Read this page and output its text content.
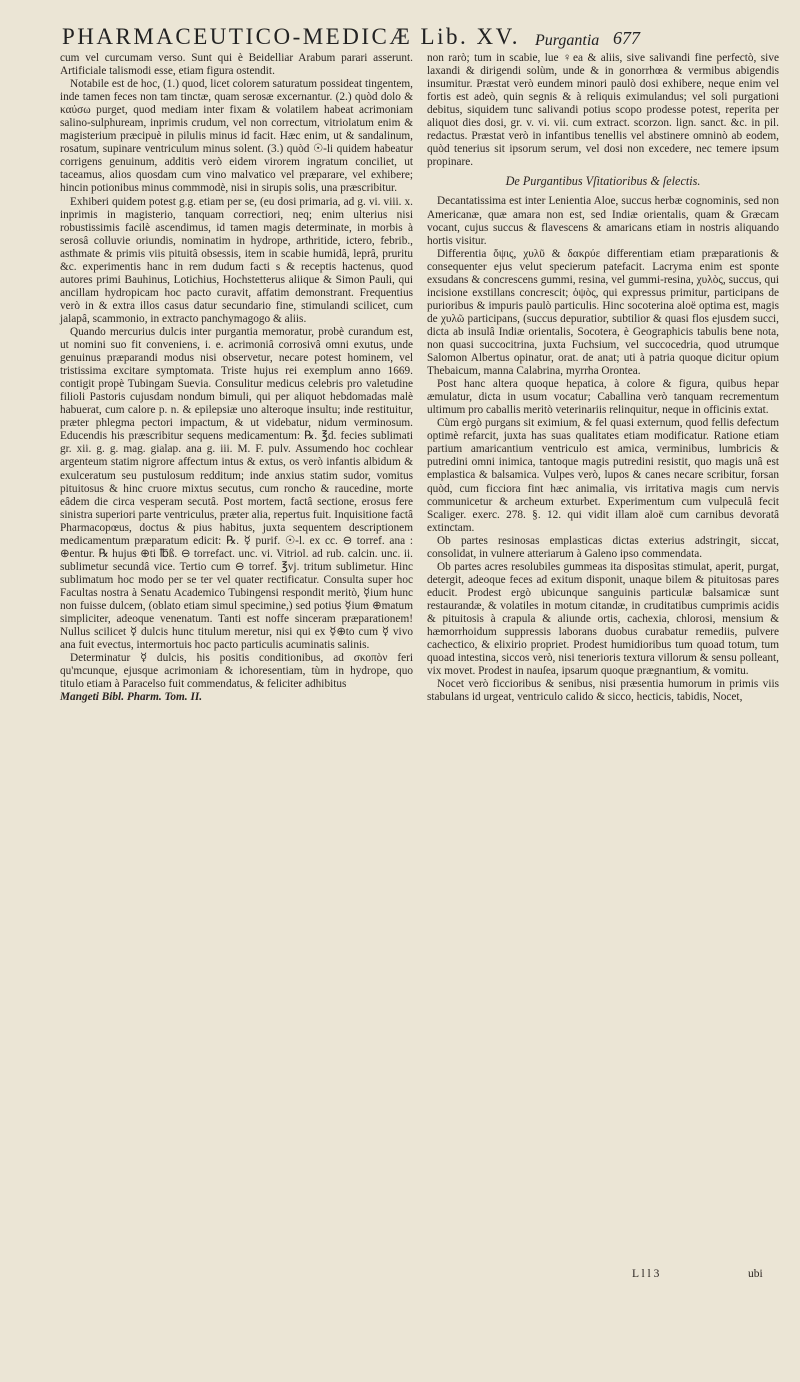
PHARMACEUTICO-MEDICÆ Lib. XV. Purgantia 677

cum vel curcumam verso. Sunt qui è Beidelliar Arabum parari asserunt. Artificiale talismodi esse, etiam figura ostendit.

Notabile est de hoc, (1.) quod, licet colorem saturatum possideat tingentem, inde tamen feces non tam tinctæ, quam serosæ excernantur. (2.) quòd dolo & καύσω purget, quod mediam inter fixam & volatilem habeat acrimoniam salino-sulphuream, inprimis crudum, vel non correctum, vitriolatum enim & magisterium præcipuè in pilulis minus id facit. Hæc enim, ut & sandalinum, rosatum, supinare ventriculum minus solent. (3.) quòd ☉-li quidem habeatur corrigens genuinum, additis verò eidem virorem ingratum conciliet, ut taceamus, alios quosdam cum vino malvatico vel præparare, vel exhibere; hincin potionibus minus commmodè, nisi in sirupis solis, una præscribitur.

Exhiberi quidem potest g.g. etiam per se, (eu dosi primaria, ad g. vi. viii. x. inprimis in magisterio, tanquam correctiori, neq; enim ulterius nisi robustissimis facilè ascendimus, id tamen magis determinate, in morbis à serosâ colluvie oriundis, nominatim in hydrope, arthritide, ictero, febrib., asthmate & primis viis pituitâ obsessis, item in scabie humidâ, leprâ, pruritu &c. experimentis hanc in rem dudum facti s & receptis hactenus, quod autores primi Bauhinus, Lotichius, Hochstetterus aliique & Simon Pauli, qui ancillam hydropicam hoc pacto curavit, affatim demonstrant. Frequentius verò in & extra illos casus datur secundario fine, stimulandi scilicet, cum jalapâ, scammonio, in extracto panchymagogo & aliis.

Quando mercurius dulcis inter purgantia memoratur, probè curandum est, ut nomini suo fit conveniens, i. e. acrimoniâ corrosivâ omni exutus, unde genuinus præparandi modus nisi observetur, necare potest hominem, vel tristissima excitare symptomata. Triste hujus rei exemplum anno 1669. contigit propè Tubingam Suevia. Consulitur medicus celebris pro valetudine filioli Pastoris cujusdam nondum bimuli, qui per aliquot hebdomadas malè habuerat, cum calore p. n. & epilepsiæ uno alteroque insultu; inde restituitur, præter phlegma pectori impactum, & ut videbatur, nidum verminosum. Educendis his præscribitur sequens medicamentum: ℞. ℥d. fecies sublimati gr. xii. g. g. mag. gialap. ana g. iii. M. F. pulv. Assumendo hoc cochlear argenteum statim nigrore affectum intus & extus, os verò infantis albidum & exulceratum seu pustulosum redditum; inde anxius statim sudor, vomitus pituitosus & hinc cruore mixtus secutus, cum roncho & raucedine, morte eâdem die circa vesperam secutâ. Post mortem, factâ sectione, erosus fere sinistra superiori parte ventriculus, præter alia, repertus fuit. Inquisitione factâ Pharmacopœus, doctus & pius habitus, juxta sequentem descriptionem medicamentum præparatum edicit: ℞. ☿ purif. ☉-l. ex cc. ⊖ torref. ana : ⊕entur. ℞ hujus ⊕ti ℔ß. ⊖ torrefact. unc. vi. Vitriol. ad rub. calcin. unc. ii. sublimetur secundâ vice. Tertio cum ⊖ torref. ℥vj. tritum sublimetur. Hinc sublimatum hoc modo per se ter vel quater rectificatur. Consulta super hoc Facultas nostra à Senatu Academico Tubingensi respondit meritò, ☿ium hunc non fuisse dulcem, (oblato etiam simul specimine,) sed potius ☿ium ⊕matum simpliciter, adeoque venenatum. Tanti est noffe sinceram præparationem! Nullus scilicet ☿ dulcis hunc titulum meretur, nisi qui ex ☿⊕to cum ☿ vivo ana fuit evectus, intermortuis hoc pacto particulis acuminatis salinis.

Determinatur ☿ dulcis, his positis conditionibus, ad σκοπὸν feri qu'mcunque, ejusque acrimoniam & ichoresentiam, tùm in hydrope, quo titulo etiam à Paracelso fuit commendatus, & feliciter adhibitus

Mangeti Bibl. Pharm. Tom. II.

non rarò; tum in scabie, lue ♀ea & aliis, sive salivandi fine perfectò, sive laxandi & dirigendi solùm, unde & in gonorrhœa & vermibus abigendis insumitur. Præstat verò eundem minori paulò dosi exhibere, neque enim vel fortis est adeò, quin segnis & à reliquis eximulandus; vel soli purgationi debitus, siquidem tunc salivandi potius scopo prodesse potest, reperita per aliquot dies dosi, gr. v. vi. vii. cum extract. scorzon. lign. sanct. &c. in pil. redactus. Præstat verò in infantibus tenellis vel abstinere omninò ab eodem, quòd tenerius sit ipsorum serum, vel dosi non excedere, nec temere ipsum propinare.

De Purgantibus Vſitatioribus & ſelectis.

Decantatissima est inter Lenientia Aloe, succus herbæ cognominis, sed non Americanæ, quæ amara non est, sed Indiæ orientalis, quam & Græcam vocant, cujus succus & flavescens & amaricans etiam in nostris aliquando hortis visitur.

Differentia ὄψις, χυλῦ & δακρύε differentiam etiam præparationis & consequenter ejus velut specierum patefacit. Lacryma enim est sponte exsudans & concrescens gummi, resina, vel gummi-resina, χυλὸς, succus, qui incisione exstillans concrescit; ὀψὸς, qui expressus primitur, participans de purioribus & impuris paulò particulis. Hinc socoterina aloë optima est, magis de χυλῶ participans, (succus depuratior, subtilior & quasi flos ejusdem succi, dicta ab insulâ Indiæ orientalis, Socotera, è Geographicis tabulis bene nota, non quasi succocitrina, juxta Fuchsium, vel succocedria, quod utrumque Salomon Albertus opinatur, orat. de anat; uti à patria quoque dicitur opium Thebaicum, manna Calabrina, myrrha Orontea.

Post hanc altera quoque hepatica, à colore & figura, quibus hepar æmulatur, dicta in usum vocatur; Caballina verò tanquam recrementum ultimum pro caballis meritò veterinariis relinquitur, neque in officinis extat.

Cùm ergò purgans sit eximium, & fel quasi externum, quod fellis defectum optimè refarcit, juxta has suas qualitates etiam modificatur. Ratione etiam partium amaricantium ventriculo est amica, verminibus, lumbricis & putredini omni inimica, tantoque magis putredini resistit, quo magis unâ est emplastica & balsamica. Vulpes verò, lupos & canes necare scribitur, forsan quòd, cum ficciora fint hæc animalia, vis irritativa magis cum nervis communicetur & archeum exturbet. Experimentum cum vulpeculâ fecit Scaliger. exerc. 278. §. 12. qui vidit illam aloë cum carnibus devoratâ extinctam.

Ob partes resinosas emplasticas dictas exterius adstringit, siccat, consolidat, in vulnere atteriarum à Galeno ipso commendata.

Ob partes acres resolubiles gummeas ita disposìtas stimulat, aperit, purgat, detergit, adeoque feces ad exitum disponit, unaque bilem & pituitosas pares educit. Prodest ergò ubicunque sanguinis particulæ balsamicæ sunt restaurandæ, & volatiles in motum citandæ, in cruditatibus cumprimis acidis & pituitosis à crapula & aliunde ortis, cachexia, chlorosi, mensium & hæmorrhoidum suppressis laborans duobus curabatur remediis, pulvere cachectico, & elixirio propriet. Prodest humidioribus tum quoad totum, tum quoad intestina, siccos verò, nisi tenerioris textura villorum & sensu polleant, vix movet. Prodest in nauſea, ipsarum quoque prægnantium, & vomitu.

Nocet verò ficcioribus & senibus, nisi præsentia humorum in primis viis stabulans id urgeat, ventriculo calido & sicco, hecticis, tabidis, Nocet,

L l l 3	ubi
